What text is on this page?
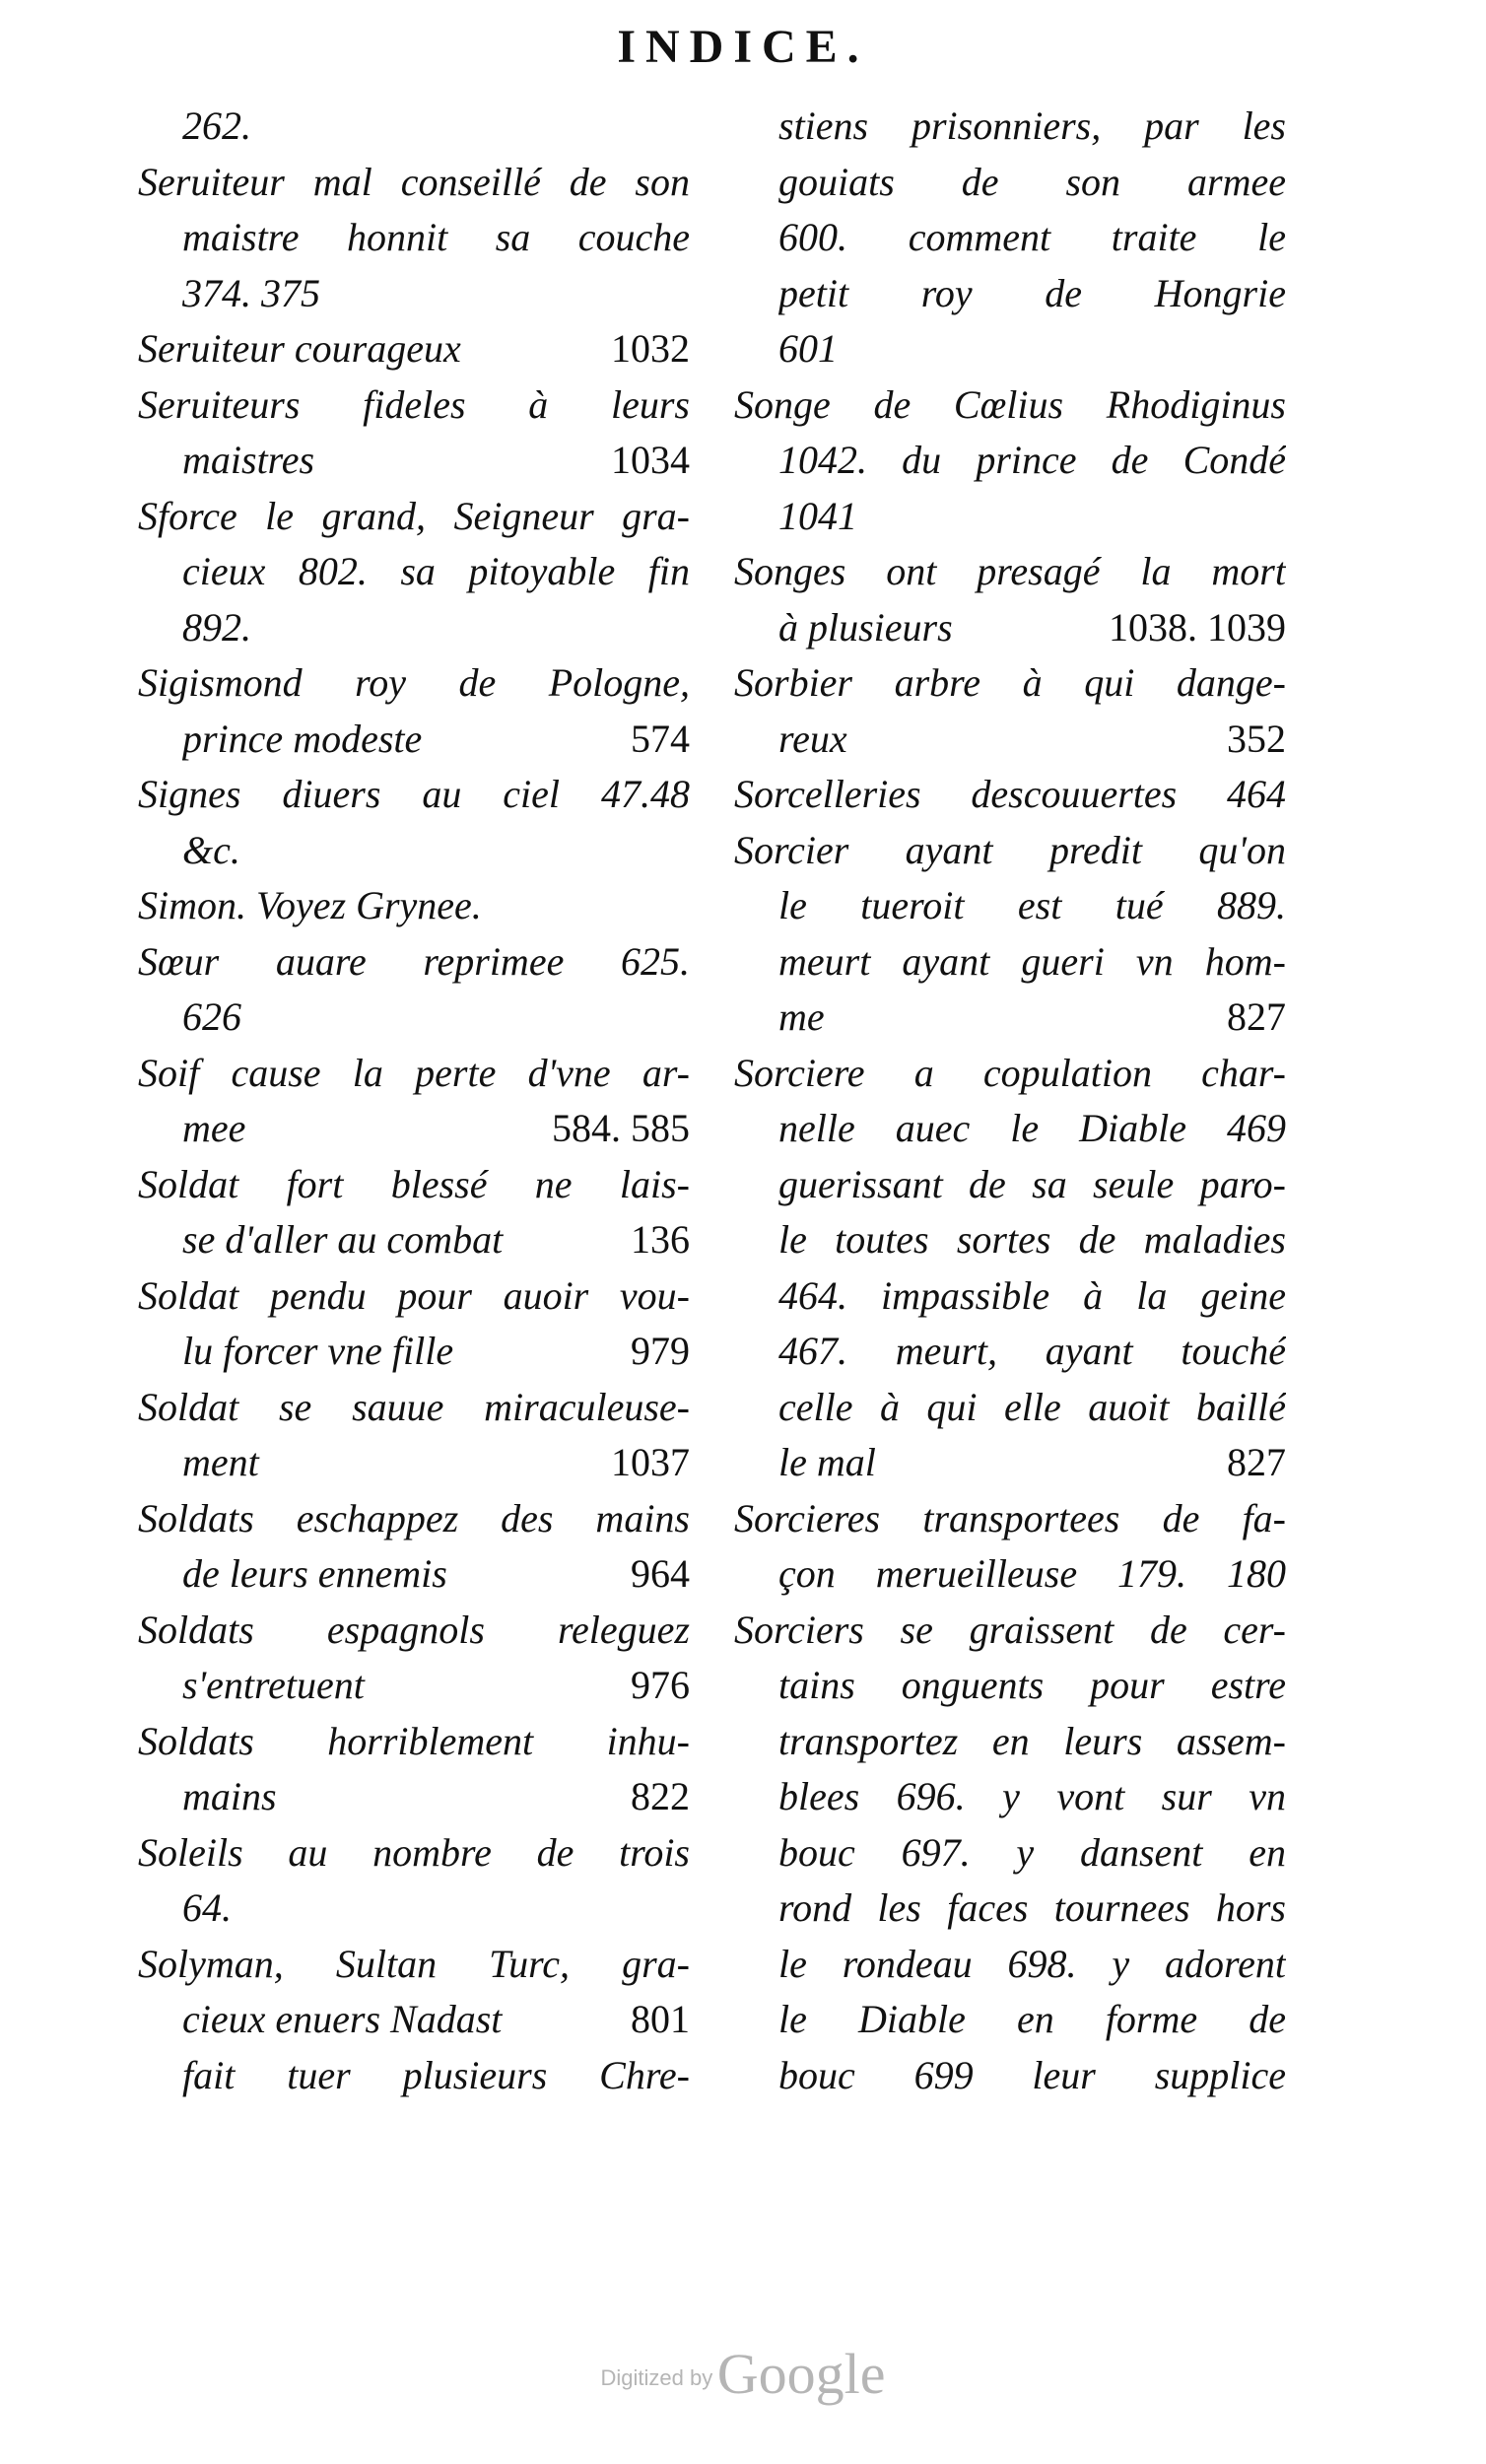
INDICE.
262.
Seruiteur mal conseillé de son
maistre honnit sa couche
374. 375
Seruiteur courageux	1032
Seruiteurs fideles à leurs
maistres	1034
Sforce le grand, Seigneur gra-
cieux 802. sa pitoyable fin
892.
Sigismond roy de Pologne,
prince modeste	574
Signes diuers au ciel 47.48
&c.
Simon. Voyez Grynee.
Sœur auare reprimee 625.
626
Soif cause la perte d'vne ar-
mee	584. 585
Soldat fort blessé ne lais-
se d'aller au combat	136
Soldat pendu pour auoir vou-
lu forcer vne fille	979
Soldat se sauue miraculeuse-
ment	1037
Soldats eschappez des mains
de leurs ennemis	964
Soldats espagnols releguez
s'entretuent	976
Soldats horriblement inhu-
mains	822
Soleils au nombre de trois
64.
Solyman, Sultan Turc, gra-
cieux enuers Nadast	801
fait tuer plusieurs Chre-
stiens prisonniers, par les
gouiats de son armee
600. comment traite le
petit roy de Hongrie
601
Songe de Cœlius Rhodiginus
1042. du prince de Condé
1041
Songes ont presagé la mort
à plusieurs	1038. 1039
Sorbier arbre à qui dange-
reux	352
Sorcelleries descouuertes 464
Sorcier ayant predit qu'on
le tueroit est tué 889.
meurt ayant gueri vn hom-
me	827
Sorciere a copulation char-
nelle auec le Diable 469
guerissant de sa seule paro-
le toutes sortes de maladies
464. impassible à la geine
467. meurt, ayant touché
celle à qui elle auoit baillé
le mal	827
Sorcieres transportees de fa-
çon merueilleuse 179. 180
Sorciers se graissent de cer-
tains onguents pour estre
transportez en leurs assem-
blees 696. y vont sur vn
bouc 697. y dansent en
rond les faces tournees hors
le rondeau 698. y adorent
le Diable en forme de
bouc 699 leur supplice
Digitized by Google
